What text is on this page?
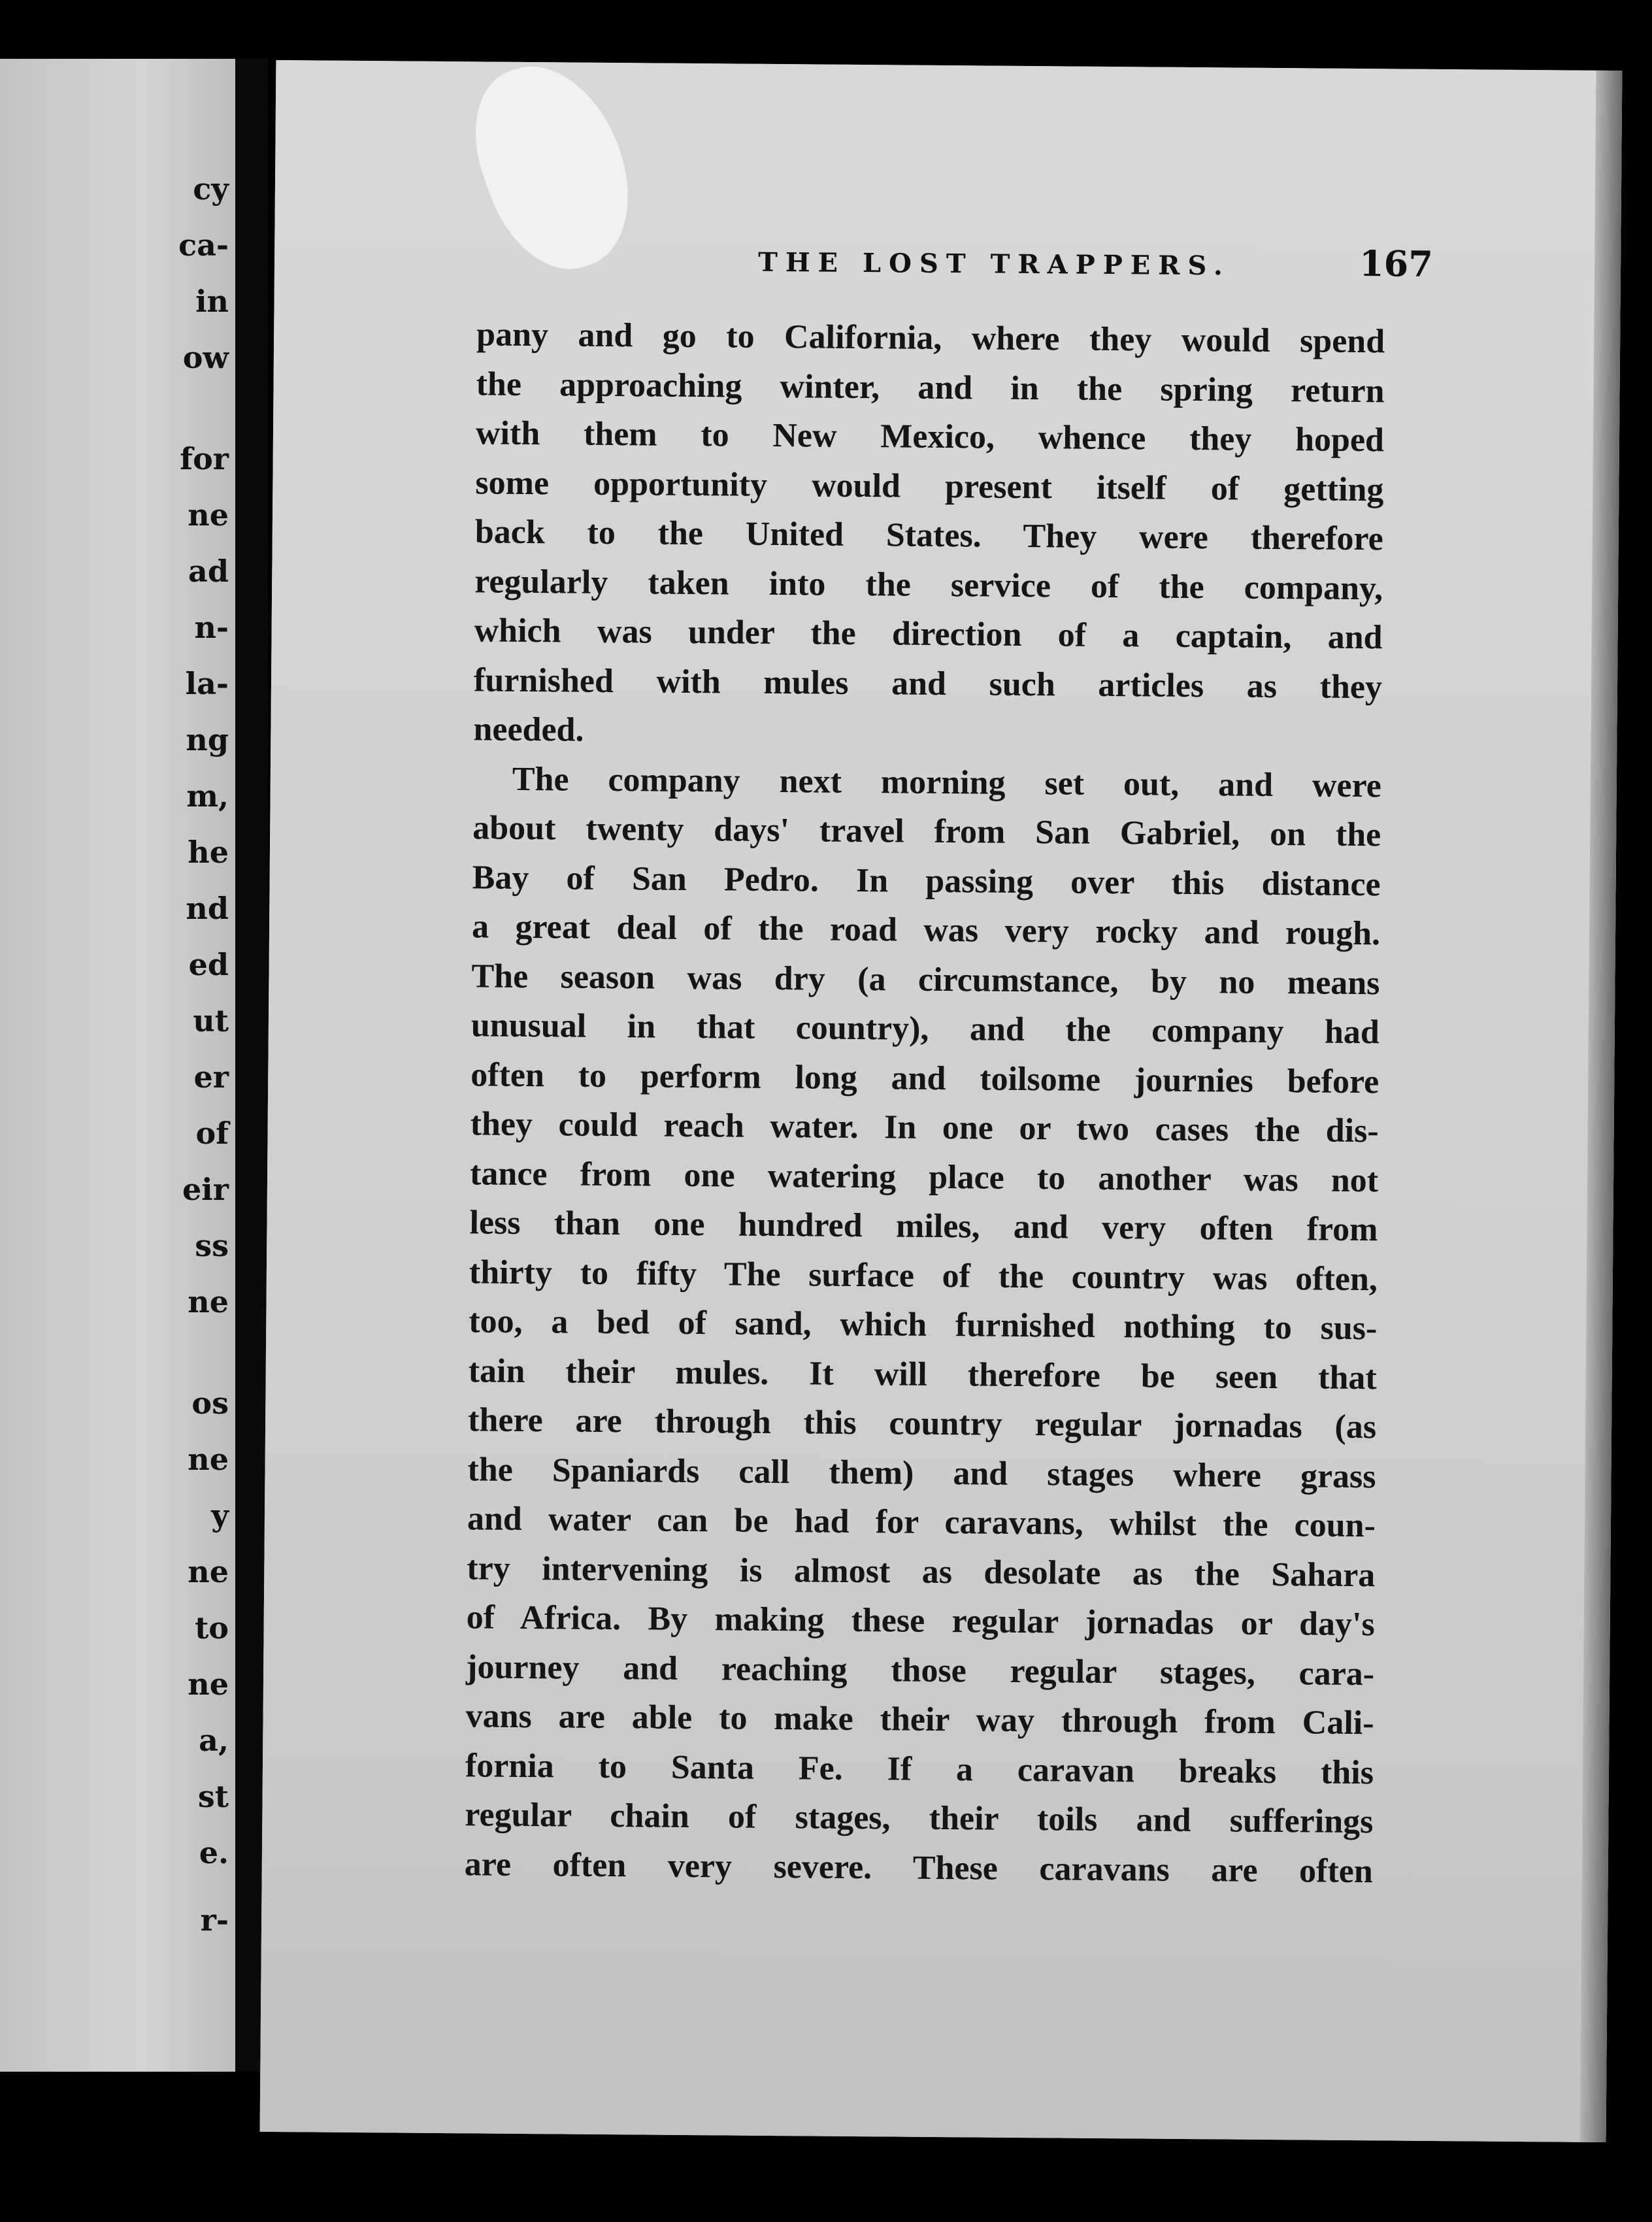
cy
ca-
in
ow
for
ne
ad
n-
la-
ng
m,
he
nd
ed
ut
er
of
eir
ss
ne
os
ne
y
ne
to
ne
a,
st
e.
r-
THE LOST TRAPPERS.	167

pany and go to California, where they would spend

the approaching winter, and in the spring return

with them to New Mexico, whence they hoped

some opportunity would present itself of getting

back to the United States. They were therefore

regularly taken into the service of the company,

which was under the direction of a captain, and

furnished with mules and such articles as they

needed.

The company next morning set out, and were

about twenty days' travel from San Gabriel, on the

Bay of San Pedro. In passing over this distance

a great deal of the road was very rocky and rough.

The season was dry (a circumstance, by no means

unusual in that country), and the company had

often to perform long and toilsome journies before

they could reach water. In one or two cases the dis-

tance from one watering place to another was not

less than one hundred miles, and very often from

thirty to fifty The surface of the country was often,

too, a bed of sand, which furnished nothing to sus-

tain their mules. It will therefore be seen that

there are through this country regular jornadas (as

the Spaniards call them) and stages where grass

and water can be had for caravans, whilst the coun-

try intervening is almost as desolate as the Sahara

of Africa. By making these regular jornadas or day's

journey and reaching those regular stages, cara-

vans are able to make their way through from Cali-

fornia to Santa Fe. If a caravan breaks this

regular chain of stages, their toils and sufferings

are often very severe. These caravans are often
